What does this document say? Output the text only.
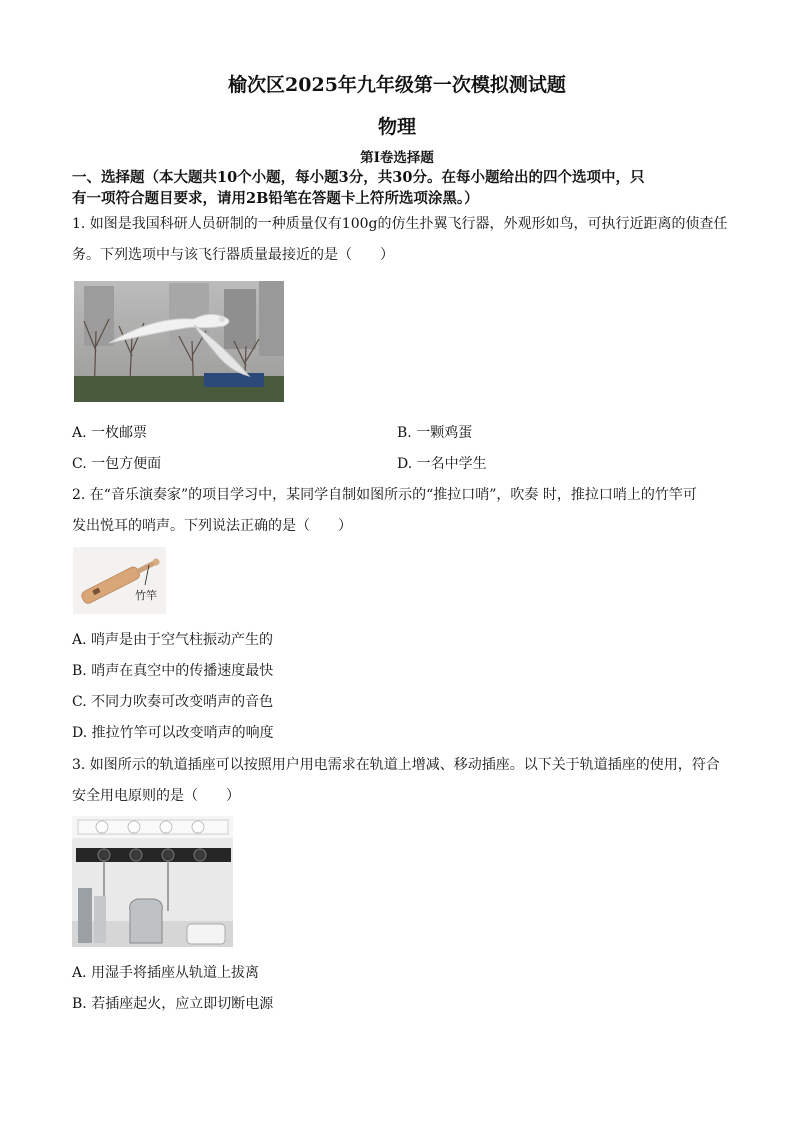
榆次区2025年九年级第一次模拟测试题
物理
第I卷选择题
一、选择题（本大题共10个小题，每小题3分，共30分。在每小题给出的四个选项中，只
有一项符合题目要求，请用2B铅笔在答题卡上符所选项涂黑。）
1. 如图是我国科研人员研制的一种质量仅有100g的仿生扑翼飞行器，外观形如鸟，可执行近距离的侦查任
务。下列选项中与该飞行器质量最接近的是（　　）
A. 一枚邮票	B. 一颗鸡蛋
C. 一包方便面	D. 一名中学生
2. 在“音乐演奏家”的项目学习中，某同学自制如图所示的“推拉口哨”，吹奏 时，推拉口哨上的竹竿可
发出悦耳的哨声。下列说法正确的是（　　）
竹竿
A. 哨声是由于空气柱振动产生的
B. 哨声在真空中的传播速度最快
C. 不同力吹奏可改变哨声的音色
D. 推拉竹竿可以改变哨声的响度
3. 如图所示的轨道插座可以按照用户用电需求在轨道上增减、移动插座。以下关于轨道插座的使用，符合
安全用电原则的是（　　）
A. 用湿手将插座从轨道上拔离
B. 若插座起火，应立即切断电源
